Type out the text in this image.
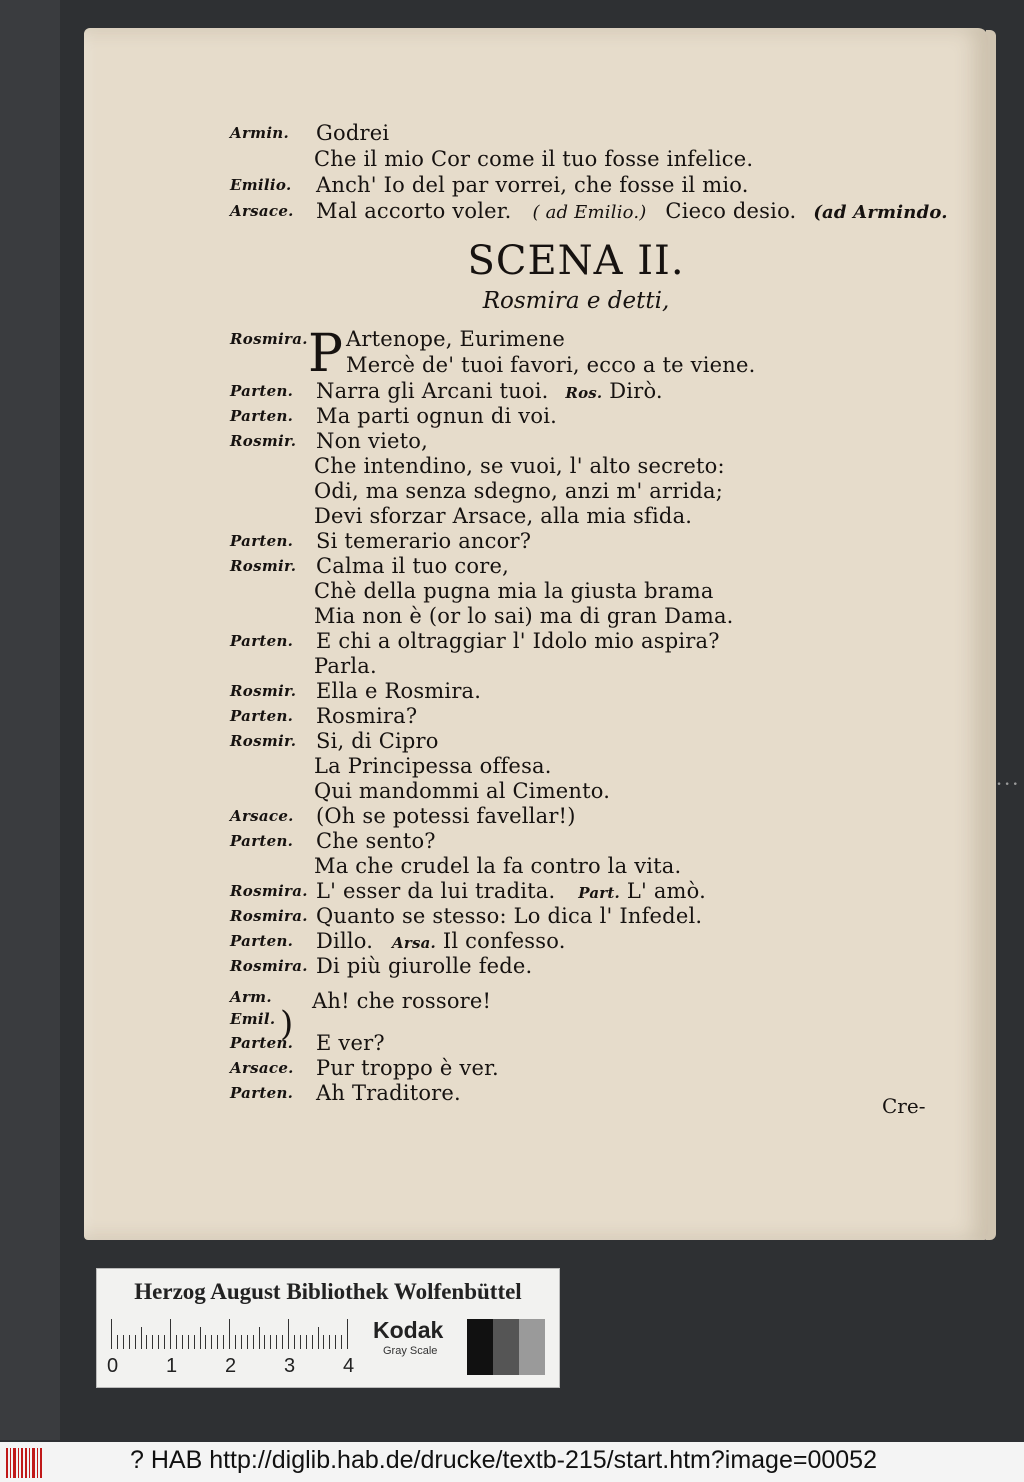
Armin. Godrei
Che il mio Cor come il tuo fosse infelice.
Emilio. Anch' Io del par vorrei, che fosse il mio.
Arsace. Mal accorto voler. ( ad Emilio.) Cieco desio. (ad Armindo.
SCENA II.
Rosmira e detti,
P
Rosmira. Artenope, Eurimene
Mercè de' tuoi favori, ecco a te viene.
Parten. Narra gli Arcani tuoi. Ros. Dirò.
Parten. Ma parti ognun di voi.
Rosmir. Non vieto,
Che intendino, se vuoi, l' alto secreto:
Odi, ma senza sdegno, anzi m' arrida;
Devi sforzar Arsace, alla mia sfida.
Parten. Si temerario ancor?
Rosmir. Calma il tuo core,
Chè della pugna mia la giusta brama
Mia non è (or lo sai) ma di gran Dama.
Parten. E chi a oltraggiar l' Idolo mio aspira?
Parla.
Rosmir. Ella e Rosmira.
Parten. Rosmira?
Rosmir. Si, di Cipro
La Principessa offesa.
Qui mandommi al Cimento.
Arsace. (Oh se potessi favellar!)
Parten. Che sento?
Ma che crudel la fa contro la vita.
Rosmira. L' esser da lui tradita. Part. L' amò.
Rosmira. Quanto se stesso: Lo dica l' Infedel.
Parten. Dillo. Arsa. Il confesso.
Rosmira. Di più giurolle fede.
Arm. Ah! che rossore!
Emil. )
Parten. E ver?
Arsace. Pur troppo è ver.
Parten. Ah Traditore.
Cre-
Herzog August Bibliothek Wolfenbüttel
0 1 2 3 4
Kodak
Gray Scale
• • •
? HAB http://diglib.hab.de/drucke/textb-215/start.htm?image=00052
